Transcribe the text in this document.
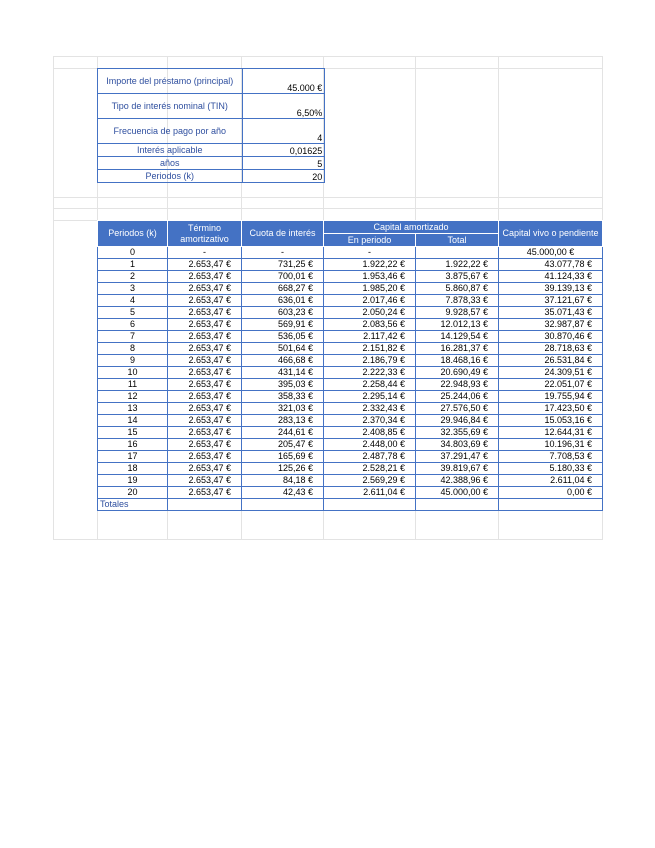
Importe del préstamo (principal)	45.000 €			
Tipo de interés nominal (TIN)	6,50%			
Frecuencia de pago por año	4			
Interés aplicable	0,01625			
años	5			
Periodos (k)	20			
Periodos (k)	Término amortizativo	Cuota de interés	Capital amortizado		Capital vivo o pendiente
			En periodo	Total	
0	-	-	-		45.000,00 €
1	2.653,47 €	731,25 €	1.922,22 €	1.922,22 €	43.077,78 €
2	2.653,47 €	700,01 €	1.953,46 €	3.875,67 €	41.124,33 €
3	2.653,47 €	668,27 €	1.985,20 €	5.860,87 €	39.139,13 €
4	2.653,47 €	636,01 €	2.017,46 €	7.878,33 €	37.121,67 €
5	2.653,47 €	603,23 €	2.050,24 €	9.928,57 €	35.071,43 €
6	2.653,47 €	569,91 €	2.083,56 €	12.012,13 €	32.987,87 €
7	2.653,47 €	536,05 €	2.117,42 €	14.129,54 €	30.870,46 €
8	2.653,47 €	501,64 €	2.151,82 €	16.281,37 €	28.718,63 €
9	2.653,47 €	466,68 €	2.186,79 €	18.468,16 €	26.531,84 €
10	2.653,47 €	431,14 €	2.222,33 €	20.690,49 €	24.309,51 €
11	2.653,47 €	395,03 €	2.258,44 €	22.948,93 €	22.051,07 €
12	2.653,47 €	358,33 €	2.295,14 €	25.244,06 €	19.755,94 €
13	2.653,47 €	321,03 €	2.332,43 €	27.576,50 €	17.423,50 €
14	2.653,47 €	283,13 €	2.370,34 €	29.946,84 €	15.053,16 €
15	2.653,47 €	244,61 €	2.408,85 €	32.355,69 €	12.644,31 €
16	2.653,47 €	205,47 €	2.448,00 €	34.803,69 €	10.196,31 €
17	2.653,47 €	165,69 €	2.487,78 €	37.291,47 €	7.708,53 €
18	2.653,47 €	125,26 €	2.528,21 €	39.819,67 €	5.180,33 €
19	2.653,47 €	84,18 €	2.569,29 €	42.388,96 €	2.611,04 €
20	2.653,47 €	42,43 €	2.611,04 €	45.000,00 €	0,00 €
Totales					
